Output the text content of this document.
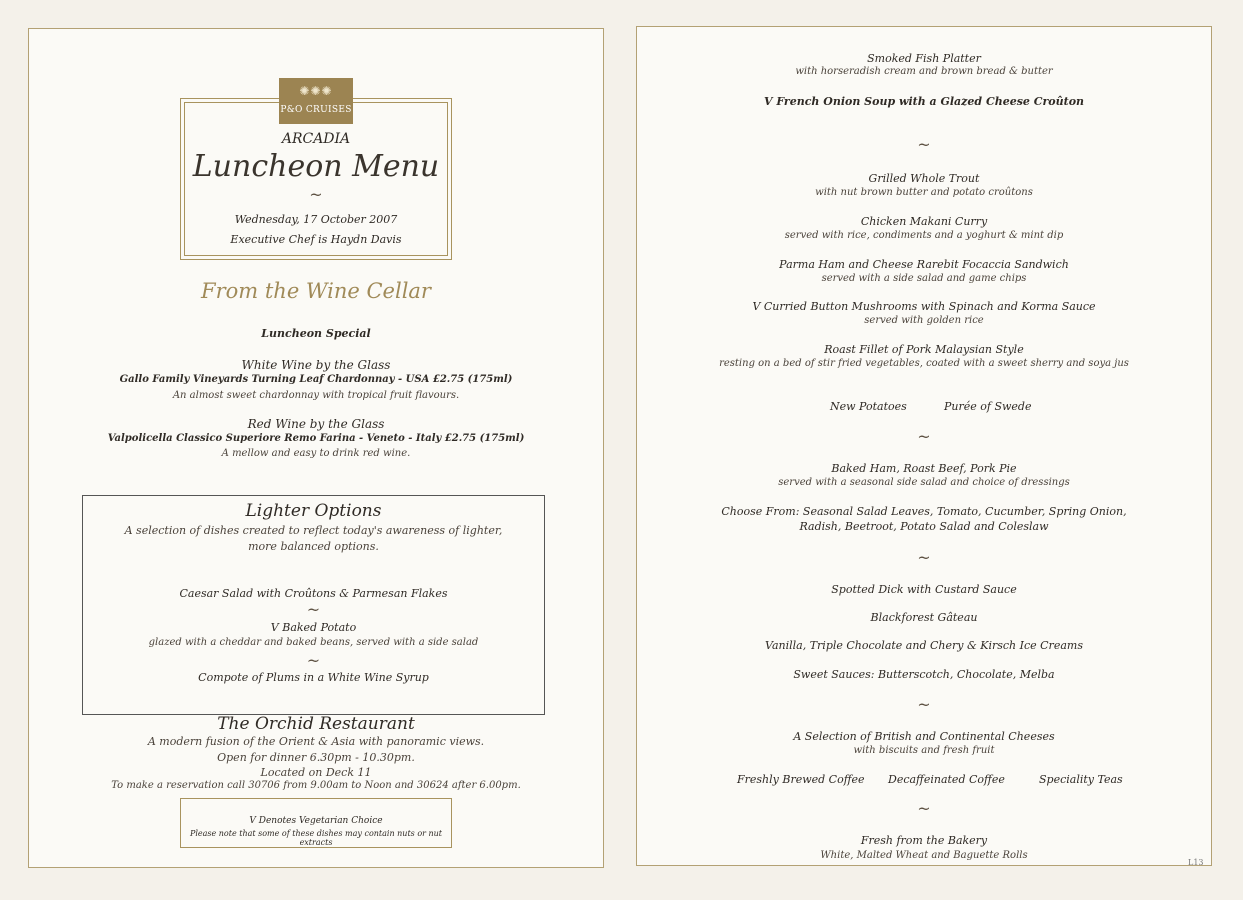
✺✺✺
P&O CRUISES
ARCADIA
Luncheon Menu
~
Wednesday, 17 October 2007
Executive Chef is Haydn Davis
From the Wine Cellar
Luncheon Special
White Wine by the Glass
Gallo Family Vineyards Turning Leaf Chardonnay - USA £2.75 (175ml)
An almost sweet chardonnay with tropical fruit flavours.
Red Wine by the Glass
Valpolicella Classico Superiore Remo Farina - Veneto - Italy £2.75 (175ml)
A mellow and easy to drink red wine.
Lighter Options
A selection of dishes created to reflect today's awareness of lighter,
more balanced options.
Caesar Salad with Croûtons & Parmesan Flakes
~
V Baked Potato
glazed with a cheddar and baked beans, served with a side salad
~
Compote of Plums in a White Wine Syrup
The Orchid Restaurant
A modern fusion of the Orient & Asia with panoramic views.
Open for dinner 6.30pm - 10.30pm.
Located on Deck 11
To make a reservation call 30706 from 9.00am to Noon and 30624 after 6.00pm.
V Denotes Vegetarian Choice
Please note that some of these dishes may contain nuts or nut extracts
Smoked Fish Platter
with horseradish cream and brown bread & butter
V French Onion Soup with a Glazed Cheese Croûton
~
Grilled Whole Trout
with nut brown butter and potato croûtons
Chicken Makani Curry
served with rice, condiments and a yoghurt & mint dip
Parma Ham and Cheese Rarebit Focaccia Sandwich
served with a side salad and game chips
V Curried Button Mushrooms with Spinach and Korma Sauce
served with golden rice
Roast Fillet of Pork Malaysian Style
resting on a bed of stir fried vegetables, coated with a sweet sherry and soya jus
New Potatoes	Purée of Swede
~
Baked Ham, Roast Beef, Pork Pie
served with a seasonal side salad and choice of dressings
Choose From: Seasonal Salad Leaves, Tomato, Cucumber, Spring Onion,
Radish, Beetroot, Potato Salad and Coleslaw
~
Spotted Dick with Custard Sauce
Blackforest Gâteau
Vanilla, Triple Chocolate and Chery & Kirsch Ice Creams
Sweet Sauces: Butterscotch, Chocolate, Melba
~
A Selection of British and Continental Cheeses
with biscuits and fresh fruit
Freshly Brewed Coffee Decaffeinated Coffee	Speciality Teas
~
Fresh from the Bakery
White, Malted Wheat and Baguette Rolls
L13
